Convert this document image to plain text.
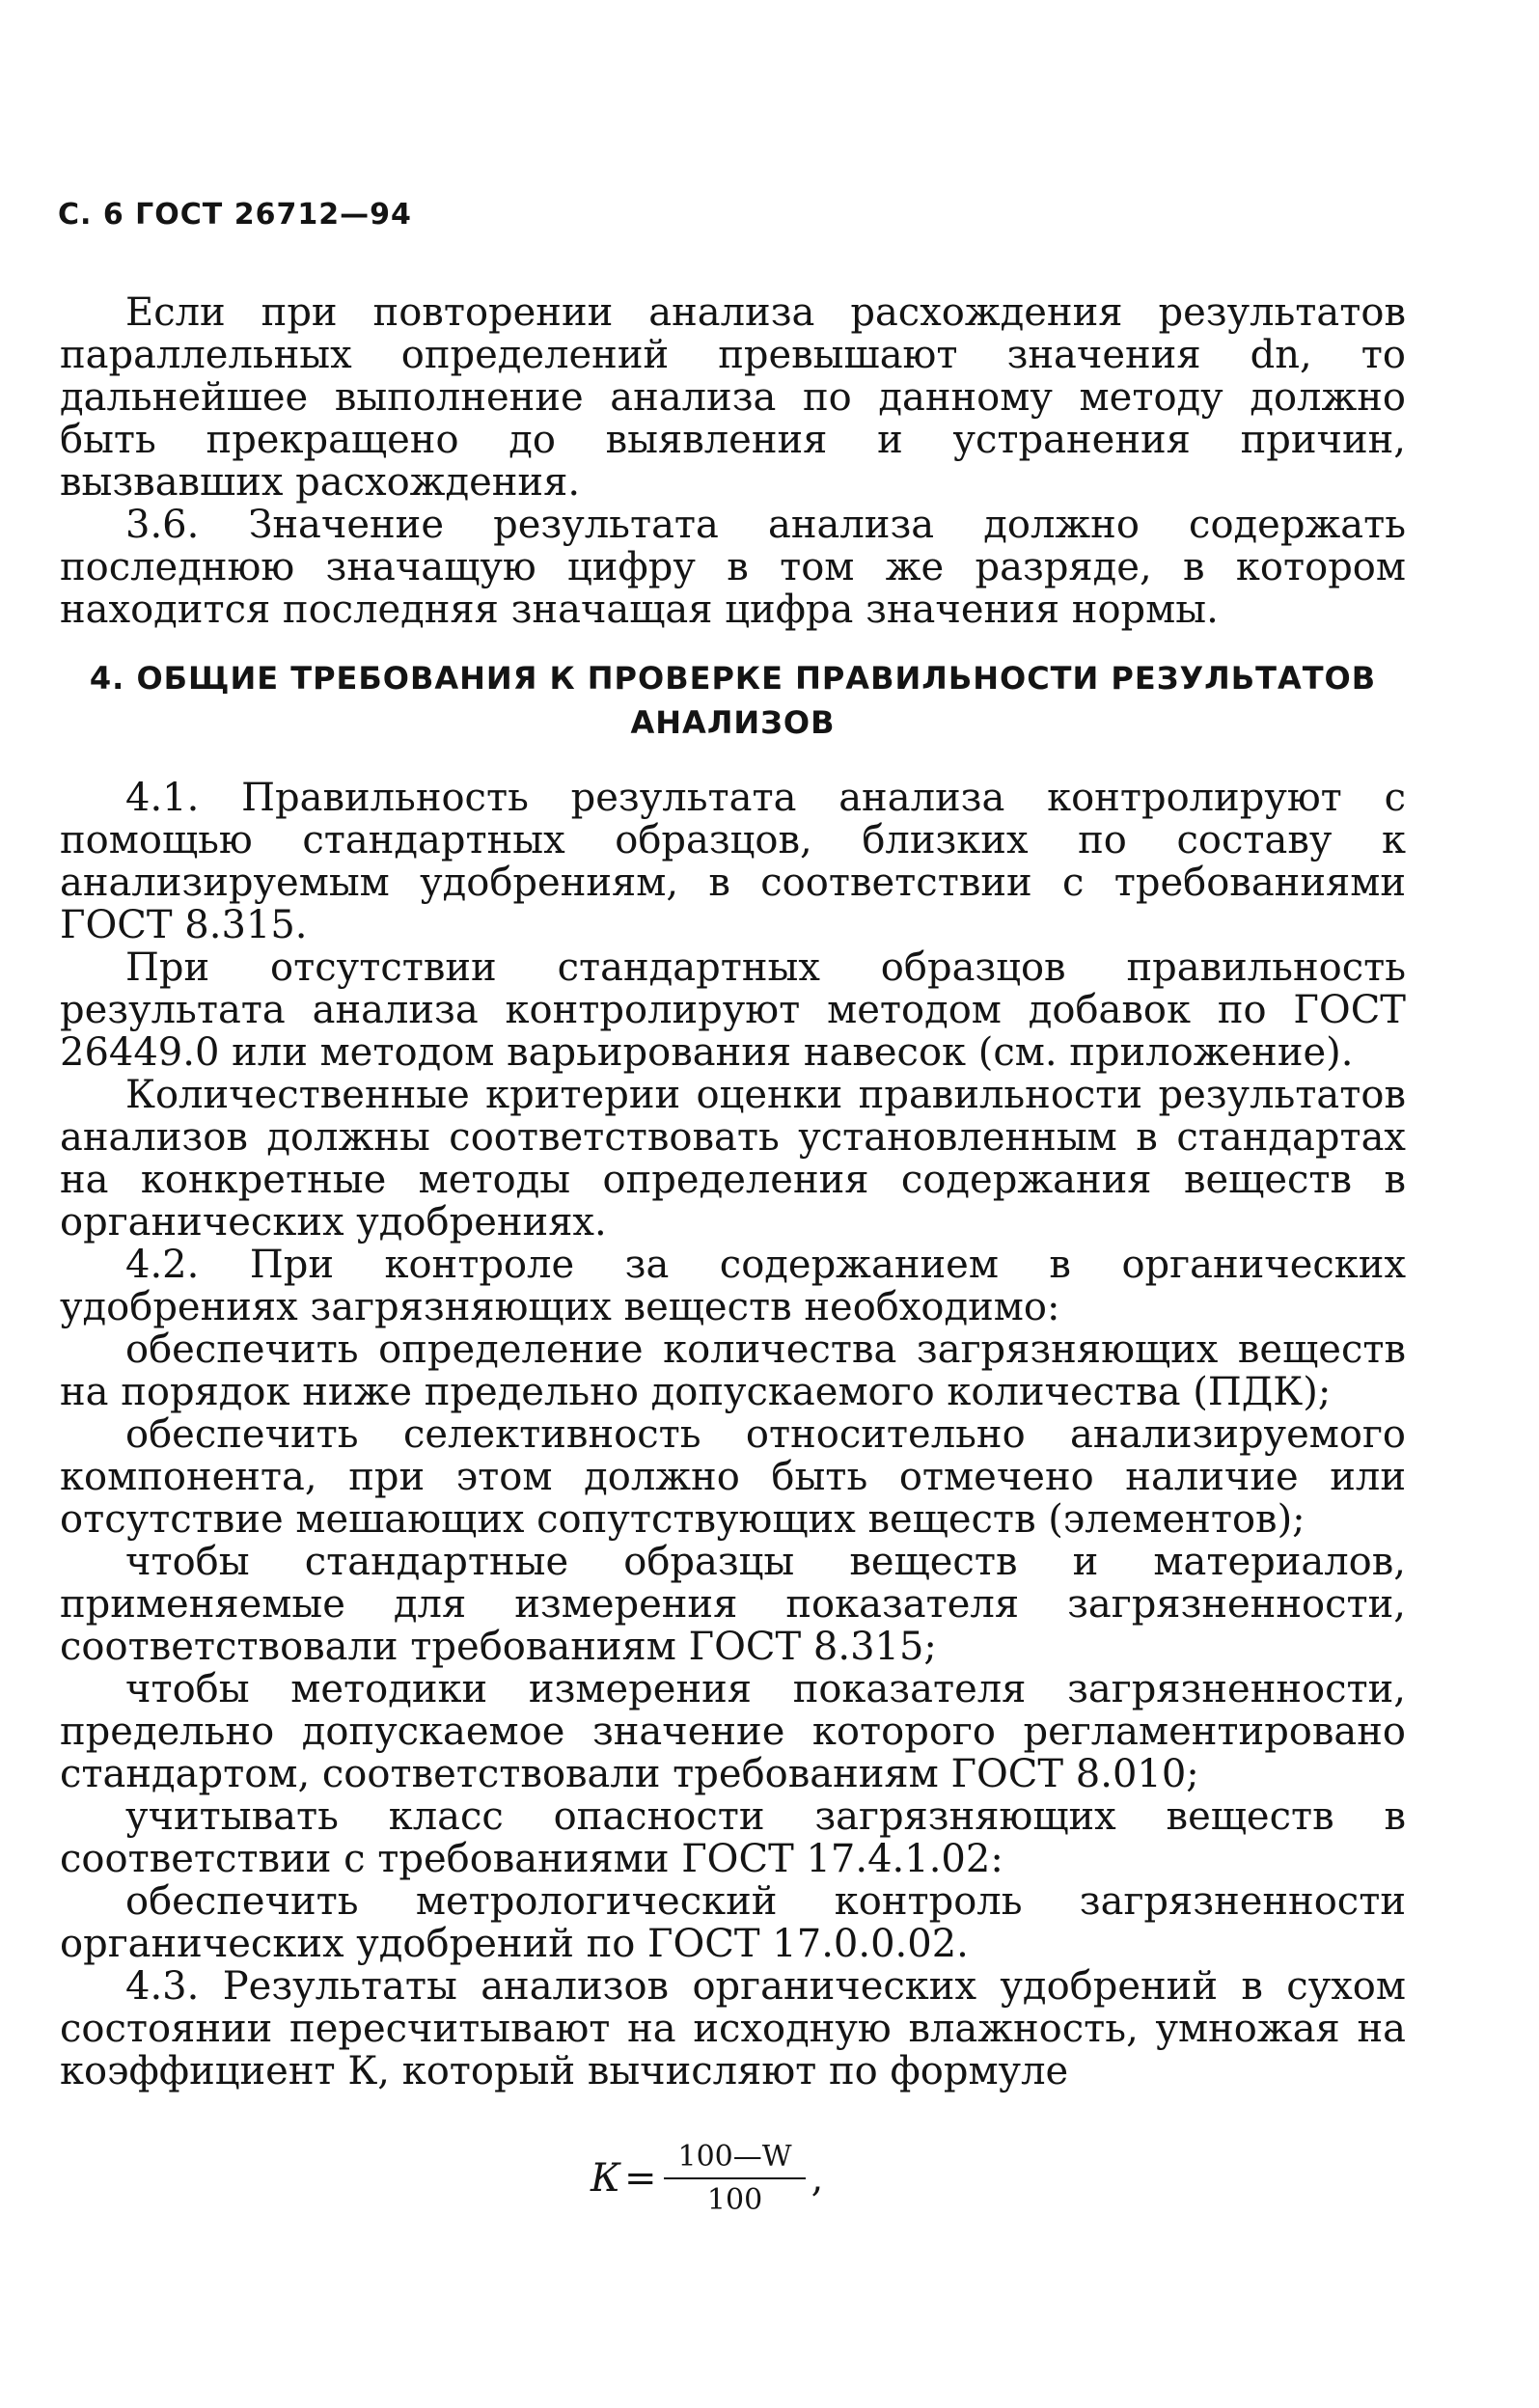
С. 6 ГОСТ 26712—94

Если при повторении анализа расхождения результатов параллельных определений превышают значения dn, то дальнейшее выполнение анализа по данному методу должно быть прекращено до выявления и устранения причин, вызвавших расхождения.

3.6. Значение результата анализа должно содержать последнюю значащую цифру в том же разряде, в котором находится последняя значащая цифра значения нормы.

4. ОБЩИЕ ТРЕБОВАНИЯ К ПРОВЕРКЕ ПРАВИЛЬНОСТИ РЕЗУЛЬТАТОВ АНАЛИЗОВ

4.1. Правильность результата анализа контролируют с помощью стандартных образцов, близких по составу к анализируемым удобрениям, в соответствии с требованиями ГОСТ 8.315.

При отсутствии стандартных образцов правильность результата анализа контролируют методом добавок по ГОСТ 26449.0 или методом варьирования навесок (см. приложение).

Количественные критерии оценки правильности результатов анализов должны соответствовать установленным в стандартах на конкретные методы определения содержания веществ в органических удобрениях.

4.2. При контроле за содержанием в органических удобрениях загрязняющих веществ необходимо:

обеспечить определение количества загрязняющих веществ на порядок ниже предельно допускаемого количества (ПДК);

обеспечить селективность относительно анализируемого компонента, при этом должно быть отмечено наличие или отсутствие мешающих сопутствующих веществ (элементов);

чтобы стандартные образцы веществ и материалов, применяемые для измерения показателя загрязненности, соответствовали требованиям ГОСТ 8.315;

чтобы методики измерения показателя загрязненности, предельно допускаемое значение которого регламентировано стандартом, соответствовали требованиям ГОСТ 8.010;

учитывать класс опасности загрязняющих веществ в соответствии с требованиями ГОСТ 17.4.1.02:

обеспечить метрологический контроль загрязненности органических удобрений по ГОСТ 17.0.0.02.

4.3. Результаты анализов органических удобрений в сухом состоянии пересчитывают на исходную влажность, умножая на коэффициент К, который вычисляют по формуле

$К = \frac{100—W}{100}$ ,
